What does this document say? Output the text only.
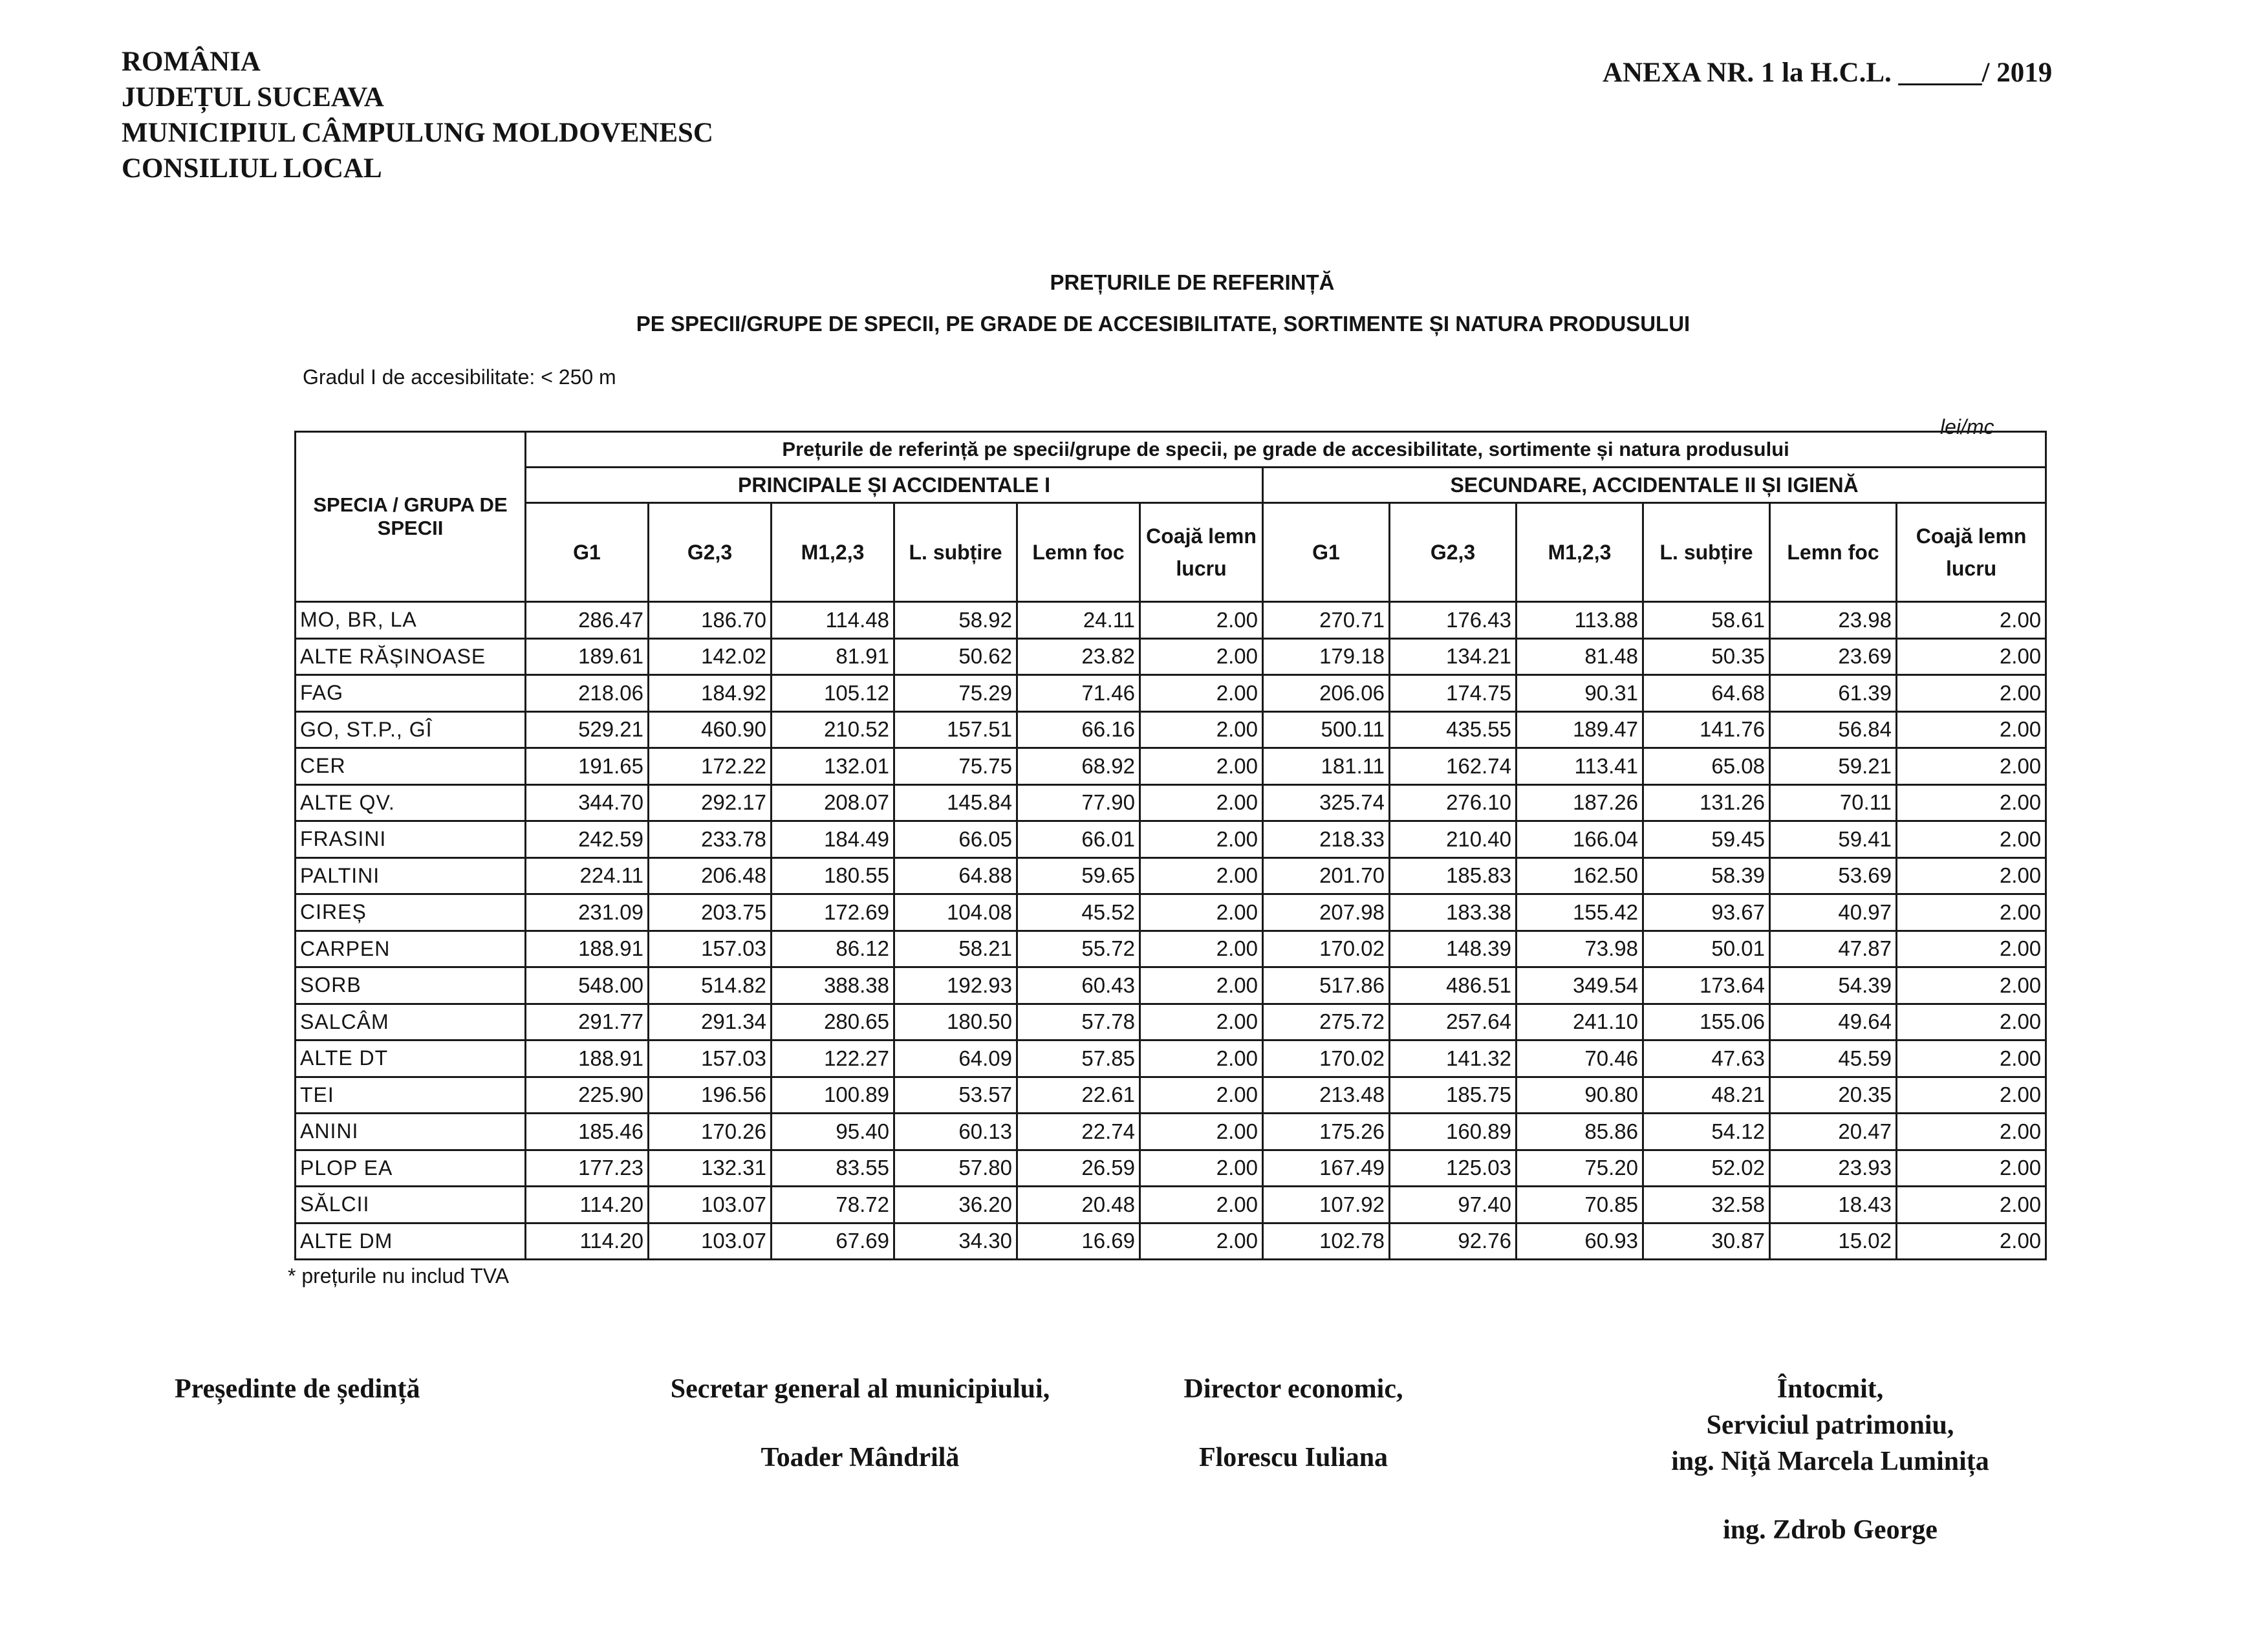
ROMÂNIA
JUDEȚUL SUCEAVA
MUNICIPIUL CÂMPULUNG MOLDOVENESC
CONSILIUL LOCAL
ANEXA NR. 1 la H.C.L. ______/ 2019
PREȚURILE DE REFERINȚĂ
PE SPECII/GRUPE DE SPECII, PE GRADE DE ACCESIBILITATE, SORTIMENTE ȘI NATURA PRODUSULUI
Gradul I de accesibilitate: < 250 m
lei/mc
SPECIA / GRUPA DE SPECII	Prețurile de referință pe specii/grupe de specii, pe grade de accesibilitate, sortimente și natura produsului											
	PRINCIPALE ȘI ACCIDENTALE I						SECUNDARE, ACCIDENTALE II ȘI IGIENĂ					
	G1	G2,3	M1,2,3	L. subțire	Lemn foc	Coajă lemn lucru	G1	G2,3	M1,2,3	L. subțire	Lemn foc	Coajă lemn lucru
MO, BR, LA	286.47	186.70	114.48	58.92	24.11	2.00	270.71	176.43	113.88	58.61	23.98	2.00
ALTE RĂȘINOASE	189.61	142.02	81.91	50.62	23.82	2.00	179.18	134.21	81.48	50.35	23.69	2.00
FAG	218.06	184.92	105.12	75.29	71.46	2.00	206.06	174.75	90.31	64.68	61.39	2.00
GO, ST.P., GÎ	529.21	460.90	210.52	157.51	66.16	2.00	500.11	435.55	189.47	141.76	56.84	2.00
CER	191.65	172.22	132.01	75.75	68.92	2.00	181.11	162.74	113.41	65.08	59.21	2.00
ALTE QV.	344.70	292.17	208.07	145.84	77.90	2.00	325.74	276.10	187.26	131.26	70.11	2.00
FRASINI	242.59	233.78	184.49	66.05	66.01	2.00	218.33	210.40	166.04	59.45	59.41	2.00
PALTINI	224.11	206.48	180.55	64.88	59.65	2.00	201.70	185.83	162.50	58.39	53.69	2.00
CIREȘ	231.09	203.75	172.69	104.08	45.52	2.00	207.98	183.38	155.42	93.67	40.97	2.00
CARPEN	188.91	157.03	86.12	58.21	55.72	2.00	170.02	148.39	73.98	50.01	47.87	2.00
SORB	548.00	514.82	388.38	192.93	60.43	2.00	517.86	486.51	349.54	173.64	54.39	2.00
SALCÂM	291.77	291.34	280.65	180.50	57.78	2.00	275.72	257.64	241.10	155.06	49.64	2.00
ALTE DT	188.91	157.03	122.27	64.09	57.85	2.00	170.02	141.32	70.46	47.63	45.59	2.00
TEI	225.90	196.56	100.89	53.57	22.61	2.00	213.48	185.75	90.80	48.21	20.35	2.00
ANINI	185.46	170.26	95.40	60.13	22.74	2.00	175.26	160.89	85.86	54.12	20.47	2.00
PLOP EA	177.23	132.31	83.55	57.80	26.59	2.00	167.49	125.03	75.20	52.02	23.93	2.00
SĂLCII	114.20	103.07	78.72	36.20	20.48	2.00	107.92	97.40	70.85	32.58	18.43	2.00
ALTE DM	114.20	103.07	67.69	34.30	16.69	2.00	102.78	92.76	60.93	30.87	15.02	2.00
* prețurile nu includ TVA
Președinte de ședință	Secretar general al municipiului,
Toader Mândrilă
Director economic,
Florescu Iuliana
Întocmit,
Serviciul patrimoniu,
ing. Niță Marcela Luminița
ing. Zdrob George
